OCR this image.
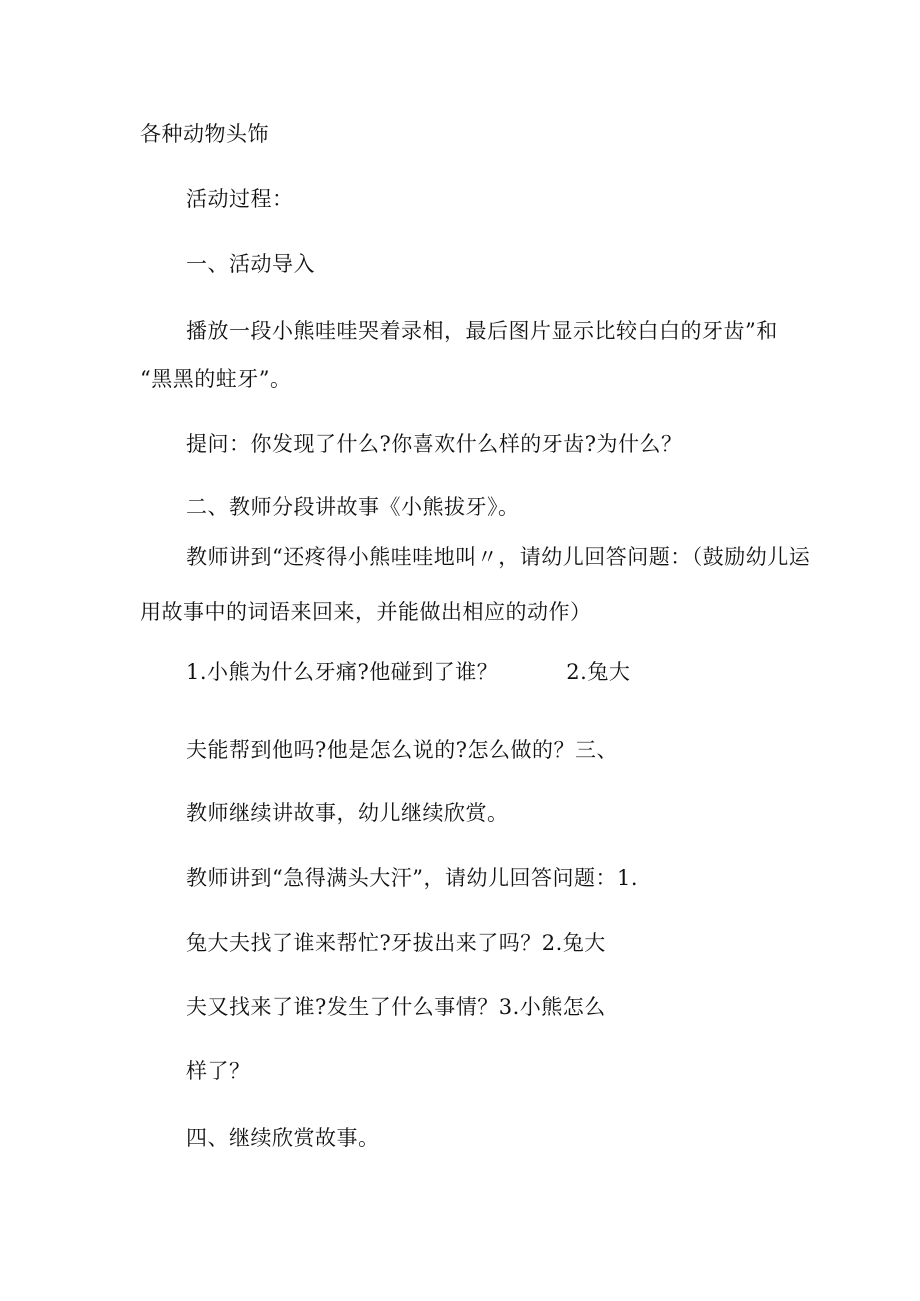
各种动物头饰
活动过程：
一、活动导入
播放一段小熊哇哇哭着录相，最后图片显示比较白白的牙齿”和
“黑黑的蛀牙”。
提问：你发现了什么?你喜欢什么样的牙齿?为什么？
二、教师分段讲故事《小熊拔牙》。
教师讲到“还疼得小熊哇哇地叫〃，请幼儿回答问题：（鼓励幼儿运
用故事中的词语来回来，并能做出相应的动作）
1.小熊为什么牙痛?他碰到了谁？	2.兔大
夫能帮到他吗?他是怎么说的?怎么做的？三、
教师继续讲故事，幼儿继续欣赏。
教师讲到“急得满头大汗”，请幼儿回答问题：1.
兔大夫找了谁来帮忙?牙拔出来了吗？2.兔大
夫又找来了谁?发生了什么事情？3.小熊怎么
样了？
四、继续欣赏故事。
